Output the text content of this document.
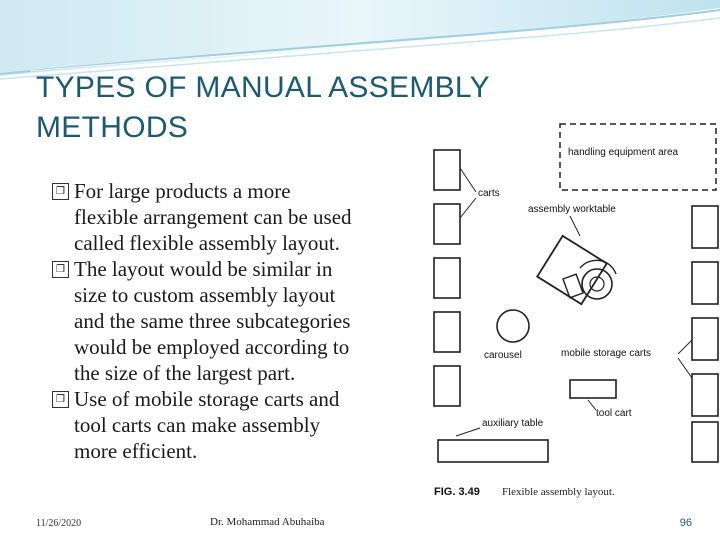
TYPES OF MANUAL ASSEMBLY
METHODS
❒ For large products a more
flexible arrangement can be used
called flexible assembly layout.
❒ The layout would be similar in
size to custom assembly layout
and the same three subcategories
would be employed according to
the size of the largest part.
❒ Use of mobile storage carts and
tool carts can make assembly
more efficient.
handling equipment area
carts
assembly worktable
carousel	mobile storage carts
tool cart
auxiliary table
FIG. 3.49 Flexible assembly layout.
11/26/2020	Dr. Mohammad Abuhaiba	96
